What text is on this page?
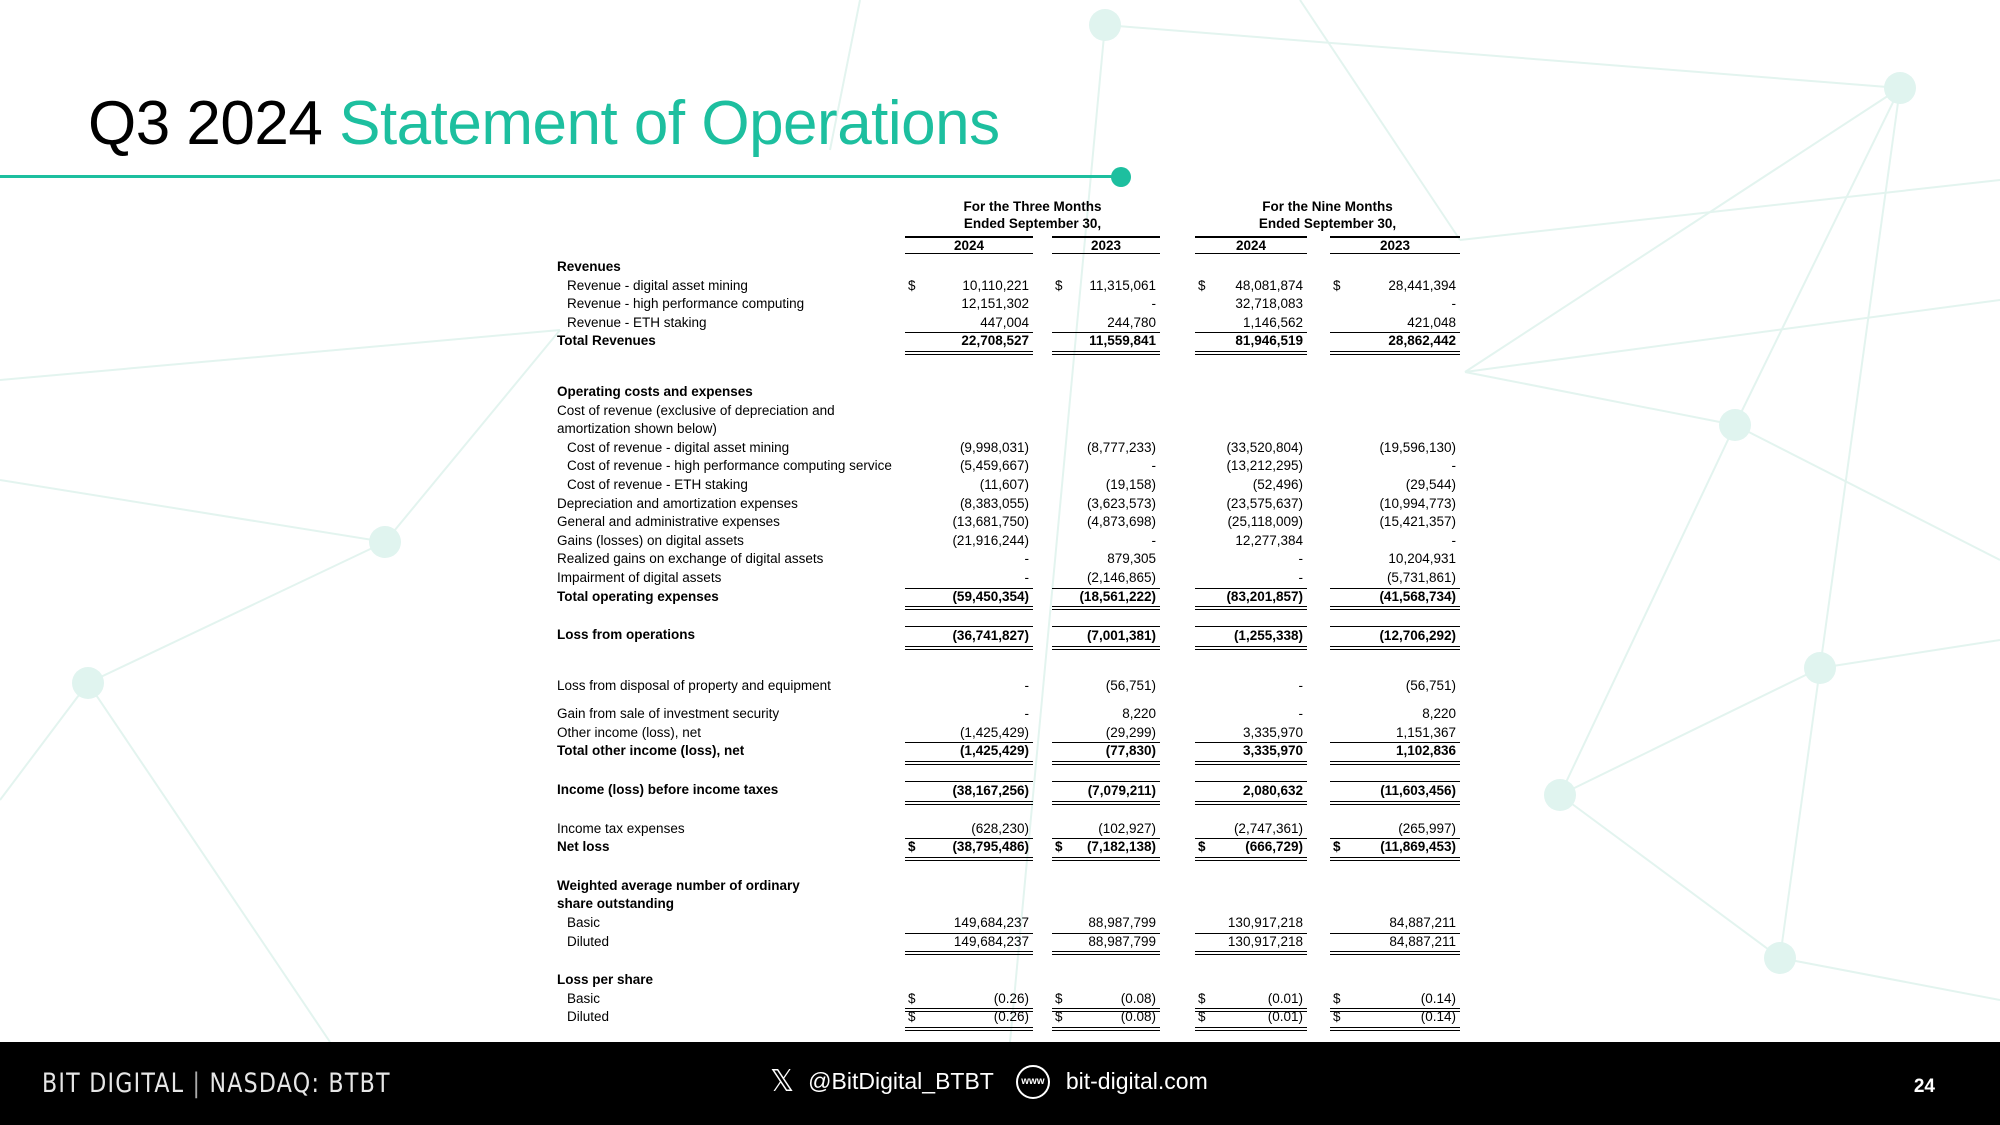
Q3 2024 Statement of Operations
For the Three Months
Ended September 30,
For the Nine Months
Ended September 30,
2024	2023	2024	2023
Revenues
Revenue - digital asset mining	$	10,110,221 $ 11,315,061	$ 48,081,874 $	28,441,394
Revenue - high performance computing	12,151,302	-	32,718,083	-
Revenue - ETH staking	447,004	244,780	1,146,562	421,048
Total Revenues	22,708,527	11,559,841	81,946,519	28,862,442
Operating costs and expenses
Cost of revenue (exclusive of depreciation and
amortization shown below)
Cost of revenue - digital asset mining	(9,998,031)	(8,777,233)	(33,520,804)	(19,596,130)
Cost of revenue - high performance computing service	(5,459,667)	-	(13,212,295)	-
Cost of revenue - ETH staking	(11,607)	(19,158)	(52,496)	(29,544)
Depreciation and amortization expenses	(8,383,055)	(3,623,573)	(23,575,637)	(10,994,773)
General and administrative expenses	(13,681,750)	(4,873,698)	(25,118,009)	(15,421,357)
Gains (losses) on digital assets	(21,916,244)	-	12,277,384	-
Realized gains on exchange of digital assets	-	879,305	-	10,204,931
Impairment of digital assets	-	(2,146,865)	-	(5,731,861)
Total operating expenses	(59,450,354)	(18,561,222)	(83,201,857)	(41,568,734)
Loss from operations	(36,741,827)	(7,001,381)	(1,255,338)	(12,706,292)
Loss from disposal of property and equipment	-	(56,751)	-	(56,751)
Gain from sale of investment security	-	8,220	-	8,220
Other income (loss), net	(1,425,429)	(29,299)	3,335,970	1,151,367
Total other income (loss), net	(1,425,429)	(77,830)	3,335,970	1,102,836
Income (loss) before income taxes	(38,167,256)	(7,079,211)	2,080,632	(11,603,456)
Income tax expenses	(628,230)	(102,927)	(2,747,361)	(265,997)
Net loss	$	(38,795,486) $ (7,182,138)	$	(666,729) $	(11,869,453)
Weighted average number of ordinary
share outstanding
Basic	149,684,237	88,987,799	130,917,218	84,887,211
Diluted	149,684,237	88,987,799	130,917,218	84,887,211
Loss per share
Basic	$	(0.26) $	(0.08)	$	(0.01) $	(0.14)
Diluted	$	(0.26) $	(0.08)	$	(0.01) $	(0.14)
BIT DIGITAL | NASDAQ: BTBT	𝕏 @BitDigital_BTBT	www bit-digital.com	24
